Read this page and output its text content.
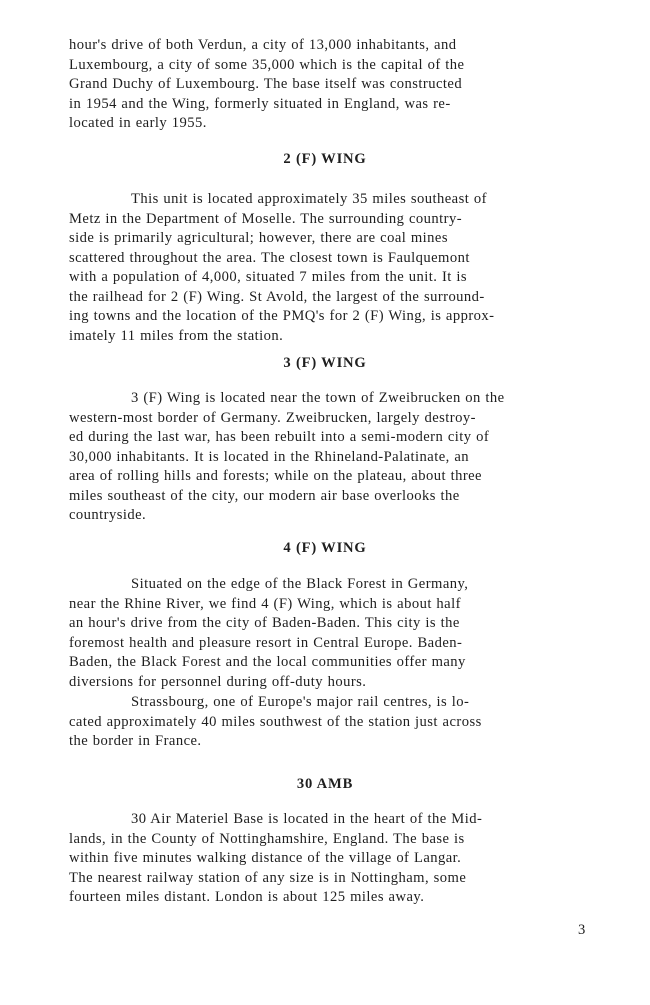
hour's drive of both Verdun, a city of 13,000 inhabitants, and
Luxembourg, a city of some 35,000 which is the capital of the
Grand Duchy of Luxembourg. The base itself was constructed
in 1954 and the Wing, formerly situated in England, was re-
located in early 1955.

2 (F) WING

This unit is located approximately 35 miles southeast of
Metz in the Department of Moselle. The surrounding country-
side is primarily agricultural; however, there are coal mines
scattered throughout the area. The closest town is Faulquemont
with a population of 4,000, situated 7 miles from the unit. It is
the railhead for 2 (F) Wing. St Avold, the largest of the surround-
ing towns and the location of the PMQ's for 2 (F) Wing, is approx-
imately 11 miles from the station.

3 (F) WING

3 (F) Wing is located near the town of Zweibrucken on the
western-most border of Germany. Zweibrucken, largely destroy-
ed during the last war, has been rebuilt into a semi-modern city of
30,000 inhabitants. It is located in the Rhineland-Palatinate, an
area of rolling hills and forests; while on the plateau, about three
miles southeast of the city, our modern air base overlooks the
countryside.

4 (F) WING

Situated on the edge of the Black Forest in Germany,
near the Rhine River, we find 4 (F) Wing, which is about half
an hour's drive from the city of Baden-Baden. This city is the
foremost health and pleasure resort in Central Europe. Baden-
Baden, the Black Forest and the local communities offer many
diversions for personnel during off-duty hours.

Strassbourg, one of Europe's major rail centres, is lo-
cated approximately 40 miles southwest of the station just across
the border in France.

30 AMB

30 Air Materiel Base is located in the heart of the Mid-
lands, in the County of Nottinghamshire, England. The base is
within five minutes walking distance of the village of Langar.
The nearest railway station of any size is in Nottingham, some
fourteen miles distant. London is about 125 miles away.

3
